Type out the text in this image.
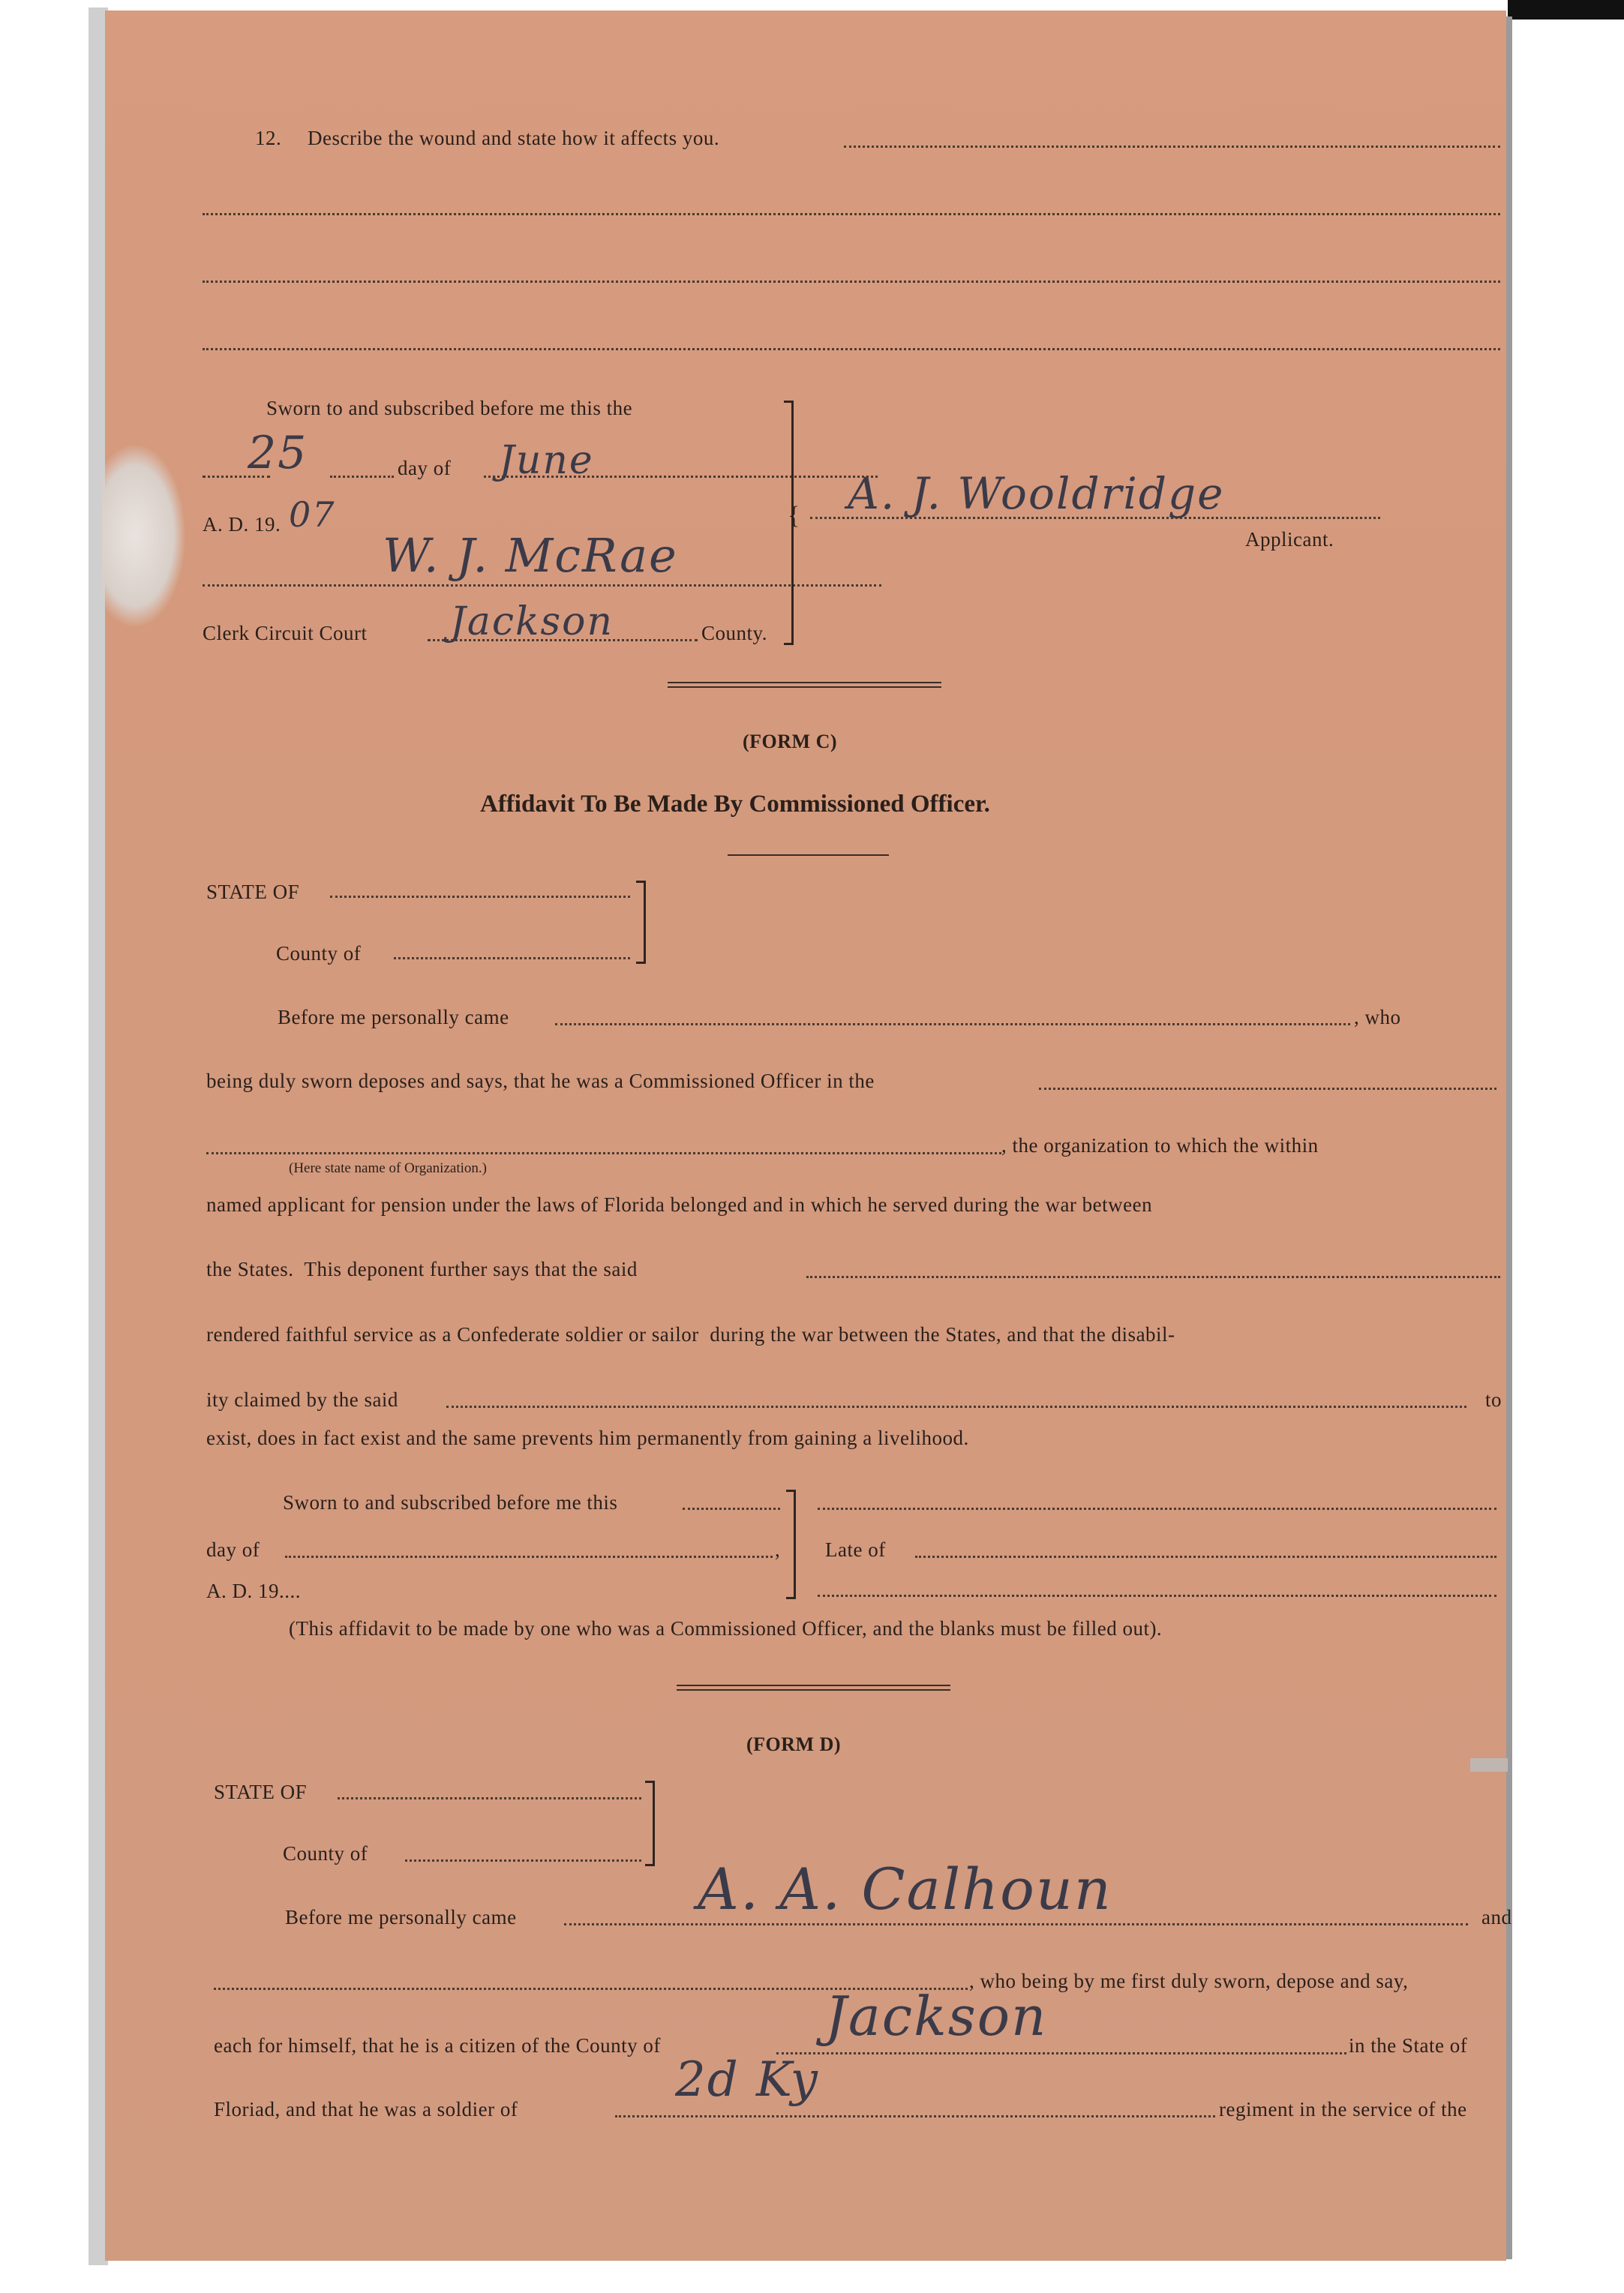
12. Describe the wound and state how it affects you.
Sworn to and subscribed before me this the
25	day of June
A. D. 19. 07
W. J. McRae
Clerk Circuit Court Jackson	County.
{ A. J. Wooldridge
Applicant.
(FORM C)
Affidavit To Be Made By Commissioned Officer.
STATE OF
County of
Before me personally came	, who
being duly sworn deposes and says, that he was a Commissioned Officer in the
, the organization to which the within
(Here state name of Organization.)
named applicant for pension under the laws of Florida belonged and in which he served during the war between
the States.  This deponent further says that the said
rendered faithful service as a Confederate soldier or sailor  during the war between the States, and that the disabil-
ity claimed by the said	to
exist, does in fact exist and the same prevents him permanently from gaining a livelihood.
Sworn to and subscribed before me this
day of	,
A. D. 19....
Late of
(This affidavit to be made by one who was a Commissioned Officer, and the blanks must be filled out).
(FORM D)
STATE OF
County of
Before me personally came	A. A. Calhoun	and
, who being by me first duly sworn, depose and say,
each for himself, that he is a citizen of the County of	Jackson	in the State of
Floriad, and that he was a soldier of
2d Ky
regiment in the service of the
